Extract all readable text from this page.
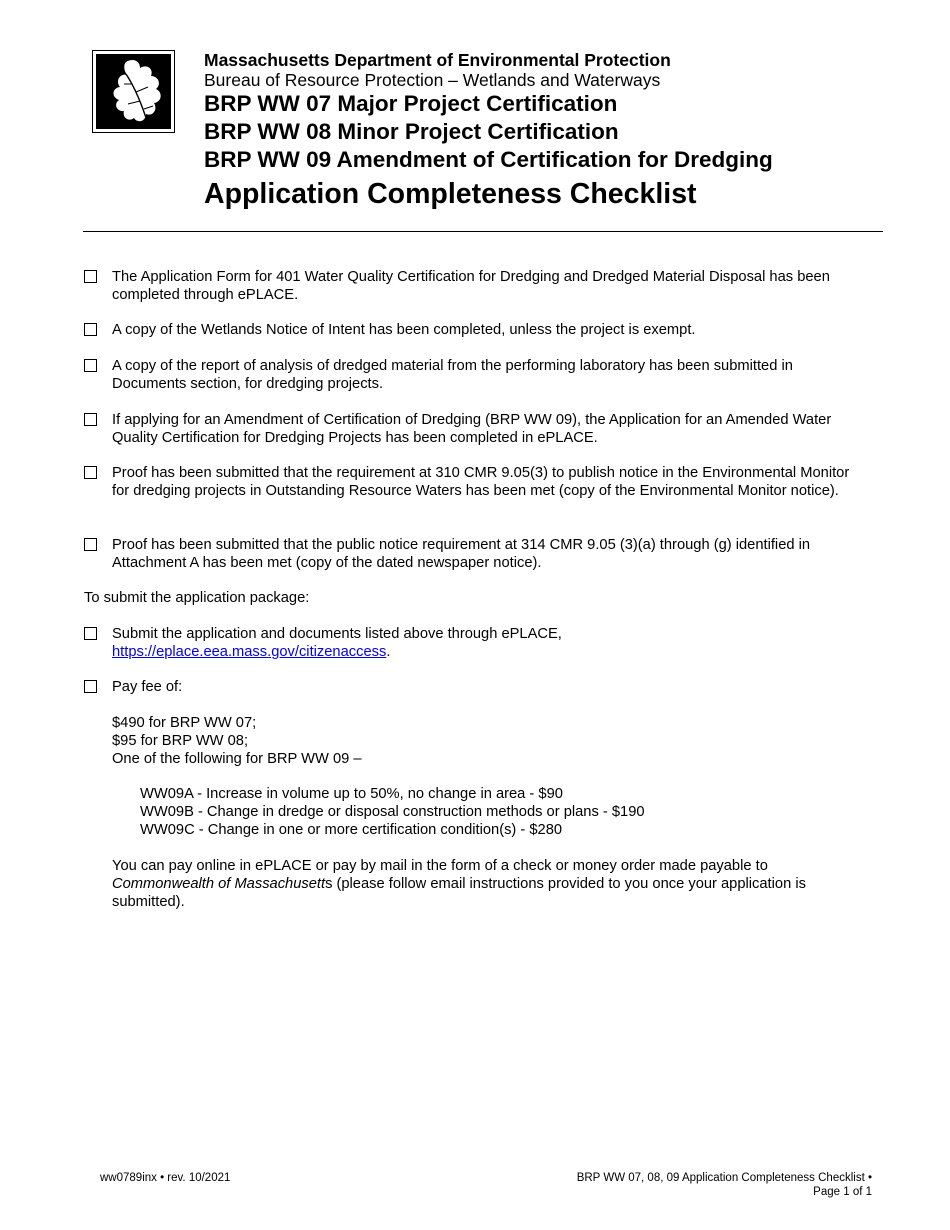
Massachusetts Department of Environmental Protection
Bureau of Resource Protection – Wetlands and Waterways
BRP WW 07 Major Project Certification
BRP WW 08 Minor Project Certification
BRP WW 09 Amendment of Certification for Dredging
Application Completeness Checklist
The Application Form for 401 Water Quality Certification for Dredging and Dredged Material Disposal has been completed through ePLACE.
A copy of the Wetlands Notice of Intent has been completed, unless the project is exempt.
A copy of the report of analysis of dredged material from the performing laboratory has been submitted in Documents section, for dredging projects.
If applying for an Amendment of Certification of Dredging (BRP WW 09), the Application for an Amended Water Quality Certification for Dredging Projects has been completed in ePLACE.
Proof has been submitted that the requirement at 310 CMR 9.05(3) to publish notice in the Environmental Monitor for dredging projects in Outstanding Resource Waters has been met (copy of the Environmental Monitor notice).
Proof has been submitted that the public notice requirement at 314 CMR 9.05 (3)(a) through (g) identified in Attachment A has been met (copy of the dated newspaper notice).
To submit the application package:
Submit the application and documents listed above through ePLACE,
https://eplace.eea.mass.gov/citizenaccess.
Pay fee of:
$490 for BRP WW 07;
$95 for BRP WW 08;
One of the following for BRP WW 09 –
WW09A - Increase in volume up to 50%, no change in area - $90
WW09B - Change in dredge or disposal construction methods or plans - $190
WW09C - Change in one or more certification condition(s) - $280
You can pay online in ePLACE or pay by mail in the form of a check or money order made payable to Commonwealth of Massachusetts (please follow email instructions provided to you once your application is submitted).
ww0789inx • rev. 10/2021	BRP WW 07, 08, 09 Application Completeness Checklist •
Page 1 of 1
